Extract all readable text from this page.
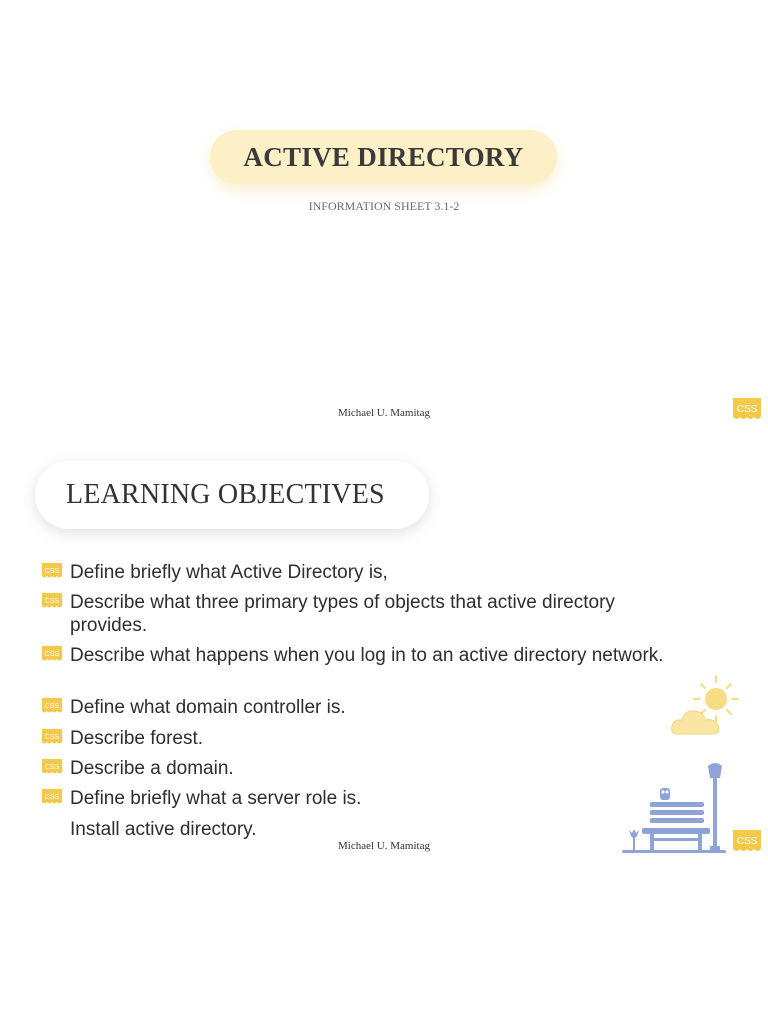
ACTIVE DIRECTORY
INFORMATION SHEET 3.1-2
Michael U. Mamitag	CSS
LEARNING OBJECTIVES
CSS Define briefly what Active Directory is,
CSS Describe what three primary types of objects that active directory provides.
CSS Describe what happens when you log in to an active directory network.
CSS Define what domain controller is.
CSS Describe forest.
CSS Describe a domain.
CSS Define briefly what a server role is.
Install active directory.
Michael U. Mamitag	CSS
